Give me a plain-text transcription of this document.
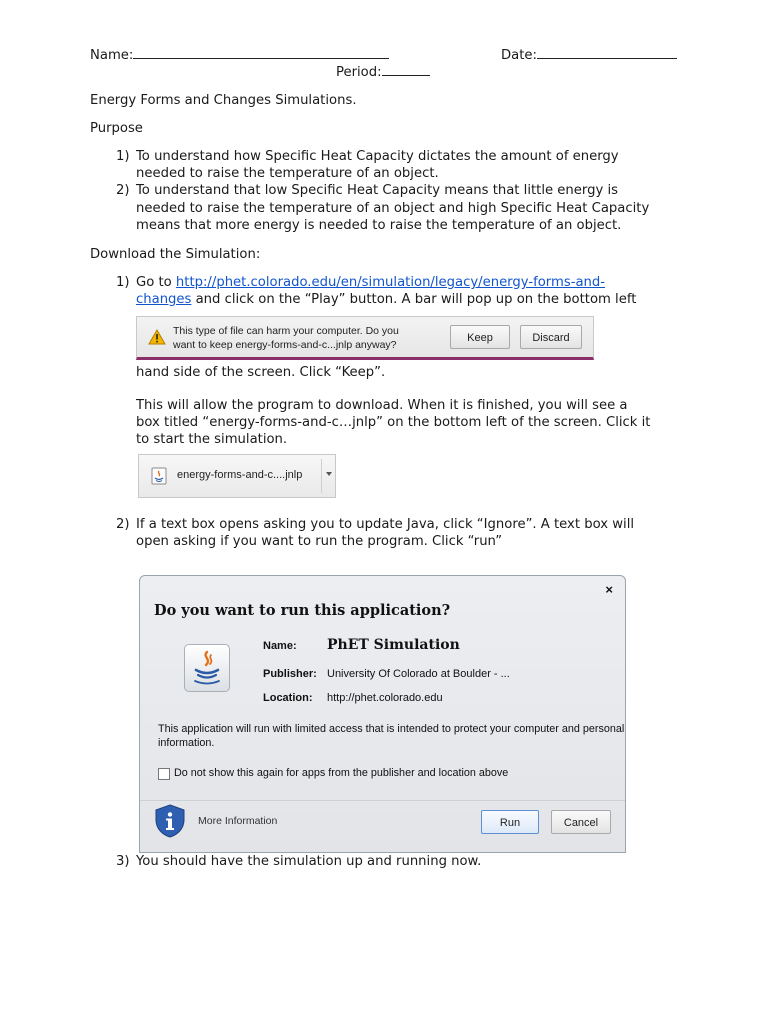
Name:	Date:
Period:
Energy Forms and Changes Simulations.
Purpose
1) To understand how Specific Heat Capacity dictates the amount of energy
needed to raise the temperature of an object.
2) To understand that low Specific Heat Capacity means that little energy is
needed to raise the temperature of an object and high Specific Heat Capacity
means that more energy is needed to raise the temperature of an object.
Download the Simulation:
1) Go to http://phet.colorado.edu/en/simulation/legacy/energy-forms-and-
changes and click on the “Play” button. A bar will pop up on the bottom left
This type of file can harm your computer. Do you
want to keep energy-forms-and-c...jnlp anyway?
Keep	Discard
hand side of the screen. Click “Keep”.
This will allow the program to download. When it is finished, you will see a
box titled “energy-forms-and-c…jnlp” on the bottom left of the screen. Click it
to start the simulation.
energy-forms-and-c....jnlp
2) If a text box opens asking you to update Java, click “Ignore”. A text box will
open asking if you want to run the program. Click “run”
×
Do you want to run this application?
Name: PhET Simulation
Publisher: University Of Colorado at Boulder - ...
Location: http://phet.colorado.edu
This application will run with limited access that is intended to protect your computer and personal
information.
Do not show this again for apps from the publisher and location above
More Information	Run	Cancel
3) You should have the simulation up and running now.
